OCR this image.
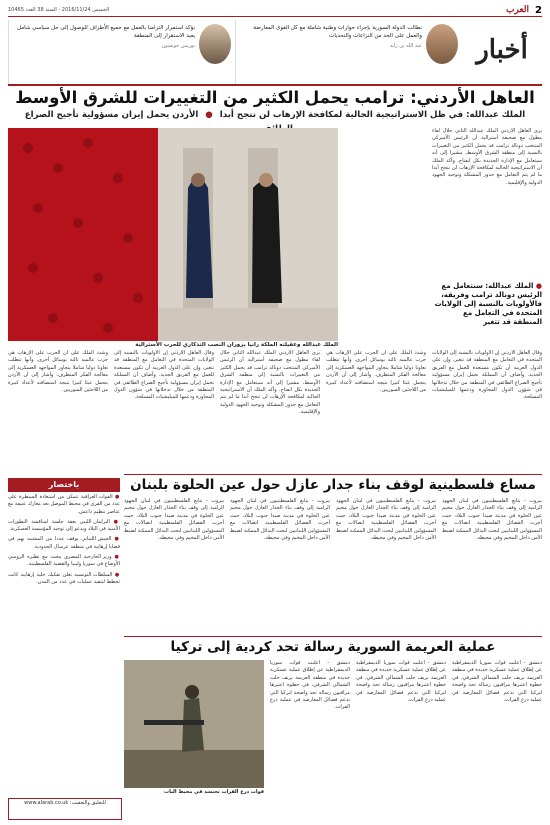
2
العرب
الخميس 2016/11/24 - السنة 38 العدد 10465
أخبار
نطالب الدولة السورية بإجراء حوارات وطنية شاملة مع كل القوى المعارضة والعمل على الحد من النزاعات والتحديات
عبد الله بن زايد
نؤكد استمرار التزامنا بالعمل مع جميع الأطراف للوصول إلى حل سياسي شامل يعيد الاستقرار إلى المنطقة
بوريس جونسون
العاهل الأردني: ترامب يحمل الكثير من التغييرات للشرق الأوسط
الملك عبدالله: في ظل الاستراتيجية الحالية لمكافحة الإرهاب لن ننجح أبدا ● الأردن يحمل إيران مسؤولية تأجيج الصراع
الملك عبدالله وعقيلته الملكة رانيا يزوران النصب التذكاري للحرب الأسترالية

يرى العاهل الأردني الملك عبدالله الثاني خلال لقاء مطول مع صحيفة أسترالية أن الرئيس الأميركي المنتخب دونالد ترامب قد يحمل الكثير من التغييرات بالنسبة إلى منطقة الشرق الأوسط، مشيرا إلى أنه سيتعامل مع الإدارة الجديدة بكل انفتاح. وأكد الملك أن الاستراتيجية الحالية لمكافحة الإرهاب لن تنجح أبدا ما لم يتم التعامل مع جذور المشكلة وتوحيد الجهود الدولية والإقليمية.

● الملك عبدالله: سنتعامل مع الرئيس دونالد ترامب وفريقه، فالأولويات بالنسبة إلى الولايات المتحدة في التعامل مع المنطقة قد تتغير

وقال العاهل الأردني إن الأولويات بالنسبة إلى الولايات المتحدة في التعامل مع المنطقة قد تتغير، وإن على الدول العربية أن تكون مستعدة للعمل مع الفريق الجديد. وأضاف أن المملكة تحمل إيران مسؤولية تأجيج الصراع الطائفي في المنطقة من خلال تدخلاتها في شؤون الدول المجاورة ودعمها للميليشيات المسلحة.

وشدد الملك على أن الحرب على الإرهاب هي حرب عالمية ثالثة بوسائل أخرى، وأنها تتطلب تعاونا دوليا شاملا يتجاوز المواجهة العسكرية إلى معالجة الفكر المتطرف. وأشار إلى أن الأردن يتحمل عبئا كبيرا نتيجة استضافته لأعداد كبيرة من اللاجئين السوريين.

يرى العاهل الأردني الملك عبدالله الثاني خلال لقاء مطول مع صحيفة أسترالية أن الرئيس الأميركي المنتخب دونالد ترامب قد يحمل الكثير من التغييرات بالنسبة إلى منطقة الشرق الأوسط، مشيرا إلى أنه سيتعامل مع الإدارة الجديدة بكل انفتاح. وأكد الملك أن الاستراتيجية الحالية لمكافحة الإرهاب لن تنجح أبدا ما لم يتم التعامل مع جذور المشكلة وتوحيد الجهود الدولية والإقليمية.

وقال العاهل الأردني إن الأولويات بالنسبة إلى الولايات المتحدة في التعامل مع المنطقة قد تتغير، وإن على الدول العربية أن تكون مستعدة للعمل مع الفريق الجديد. وأضاف أن المملكة تحمل إيران مسؤولية تأجيج الصراع الطائفي في المنطقة من خلال تدخلاتها في شؤون الدول المجاورة ودعمها للميليشيات المسلحة.

وشدد الملك على أن الحرب على الإرهاب هي حرب عالمية ثالثة بوسائل أخرى، وأنها تتطلب تعاونا دوليا شاملا يتجاوز المواجهة العسكرية إلى معالجة الفكر المتطرف. وأشار إلى أن الأردن يتحمل عبئا كبيرا نتيجة استضافته لأعداد كبيرة من اللاجئين السوريين.

باختصار

● القوات العراقية تتمكن من استعادة السيطرة على عدد من القرى في محيط الموصل بعد معارك عنيفة مع عناصر تنظيم داعش.

● البرلمان الليبي يعقد جلسة لمناقشة التطورات الأمنية في البلاد ويدعو إلى توحيد المؤسسة العسكرية.

● الجيش اللبناني يوقف عددا من المشتبه بهم في قضايا إرهابية في منطقة عرسال الحدودية.

● وزير الخارجية المصري يبحث مع نظيره الروسي الأوضاع في سوريا وليبيا والقضية الفلسطينية.

● السلطات التونسية تعلن تفكيك خلية إرهابية كانت تخطط لتنفيذ عمليات في عدد من المدن.

للتعليق والتعقيب: www.alarab.co.uk
مساع فلسطينية لوقف بناء جدار عازل حول عين الحلوة بلبنان

بيروت - يتابع الفلسطينيون في لبنان الجهود الرامية إلى وقف بناء الجدار العازل حول مخيم عين الحلوة في مدينة صيدا جنوب البلاد، حيث أجرت الفصائل الفلسطينية اتصالات مع المسؤولين اللبنانيين لبحث البدائل الممكنة لضبط الأمن داخل المخيم وفي محيطه.

بيروت - يتابع الفلسطينيون في لبنان الجهود الرامية إلى وقف بناء الجدار العازل حول مخيم عين الحلوة في مدينة صيدا جنوب البلاد، حيث أجرت الفصائل الفلسطينية اتصالات مع المسؤولين اللبنانيين لبحث البدائل الممكنة لضبط الأمن داخل المخيم وفي محيطه.

بيروت - يتابع الفلسطينيون في لبنان الجهود الرامية إلى وقف بناء الجدار العازل حول مخيم عين الحلوة في مدينة صيدا جنوب البلاد، حيث أجرت الفصائل الفلسطينية اتصالات مع المسؤولين اللبنانيين لبحث البدائل الممكنة لضبط الأمن داخل المخيم وفي محيطه.

بيروت - يتابع الفلسطينيون في لبنان الجهود الرامية إلى وقف بناء الجدار العازل حول مخيم عين الحلوة في مدينة صيدا جنوب البلاد، حيث أجرت الفصائل الفلسطينية اتصالات مع المسؤولين اللبنانيين لبحث البدائل الممكنة لضبط الأمن داخل المخيم وفي محيطه.

عملية العريمة السورية رسالة تحد كردية إلى تركيا

دمشق - أعلنت قوات سوريا الديمقراطية عن إطلاق عملية عسكرية جديدة في منطقة العريمة بريف حلب الشمالي الشرقي، في خطوة اعتبرها مراقبون رسالة تحد واضحة لتركيا التي تدعم فصائل المعارضة في عملية درع الفرات.

دمشق - أعلنت قوات سوريا الديمقراطية عن إطلاق عملية عسكرية جديدة في منطقة العريمة بريف حلب الشمالي الشرقي، في خطوة اعتبرها مراقبون رسالة تحد واضحة لتركيا التي تدعم فصائل المعارضة في عملية درع الفرات.

دمشق - أعلنت قوات سوريا الديمقراطية عن إطلاق عملية عسكرية جديدة في منطقة العريمة بريف حلب الشمالي الشرقي، في خطوة اعتبرها مراقبون رسالة تحد واضحة لتركيا التي تدعم فصائل المعارضة في عملية درع الفرات.

قوات درع الفرات تحتشد في محيط الباب
